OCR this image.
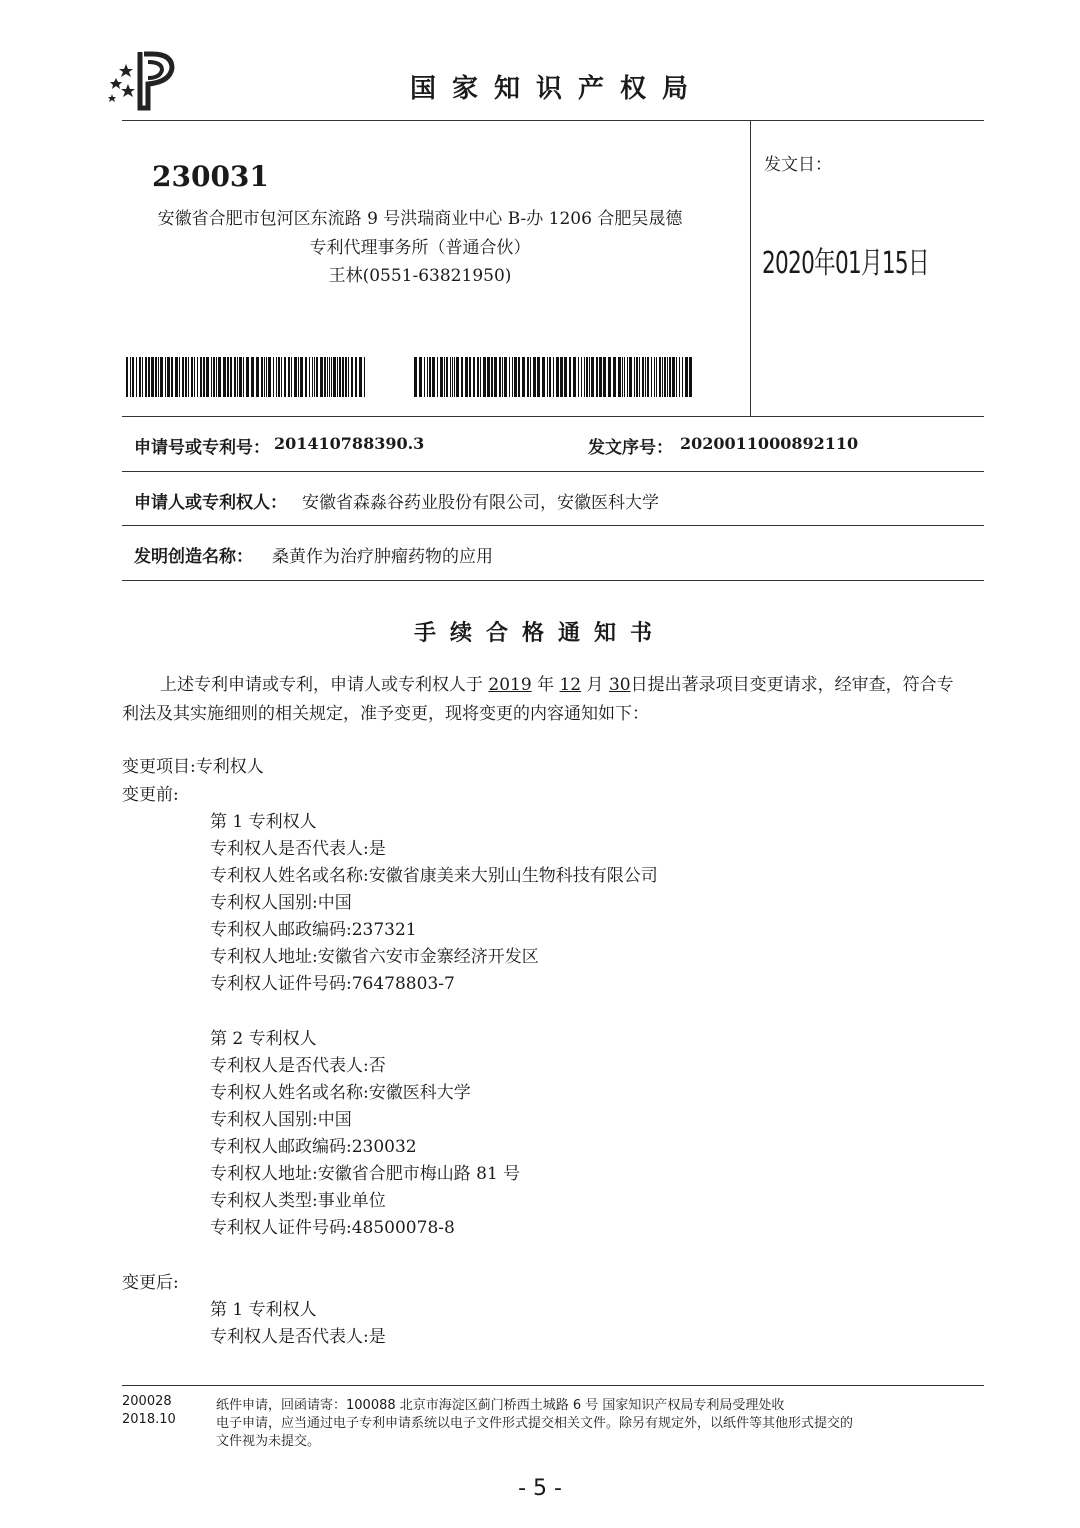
国家知识产权局
230031
安徽省合肥市包河区东流路 9 号洪瑞商业中心 B-办 1206 合肥吴晟德
专利代理事务所（普通合伙）
王林(0551-63821950)
发文日：
2020年01月15日
申请号或专利号： 201410788390.3	发文序号： 2020011000892110
申请人或专利权人： 安徽省森淼谷药业股份有限公司，安徽医科大学
发明创造名称： 桑黄作为治疗肿瘤药物的应用
手续合格通知书
上述专利申请或专利，申请人或专利权人于 2019 年 12 月 30日提出著录项目变更请求，经审查，符合专
利法及其实施细则的相关规定，准予变更，现将变更的内容通知如下：
变更项目:专利权人
变更前:
第 1 专利权人
专利权人是否代表人:是
专利权人姓名或名称:安徽省康美来大别山生物科技有限公司
专利权人国别:中国
专利权人邮政编码:237321
专利权人地址:安徽省六安市金寨经济开发区
专利权人证件号码:76478803-7
第 2 专利权人
专利权人是否代表人:否
专利权人姓名或名称:安徽医科大学
专利权人国别:中国
专利权人邮政编码:230032
专利权人地址:安徽省合肥市梅山路 81 号
专利权人类型:事业单位
专利权人证件号码:48500078-8
变更后:
第 1 专利权人
专利权人是否代表人:是
200028
2018.10
纸件申请，回函请寄：100088 北京市海淀区蓟门桥西土城路 6 号 国家知识产权局专利局受理处收
电子申请，应当通过电子专利申请系统以电子文件形式提交相关文件。除另有规定外，以纸件等其他形式提交的
文件视为未提交。
- 5 -
